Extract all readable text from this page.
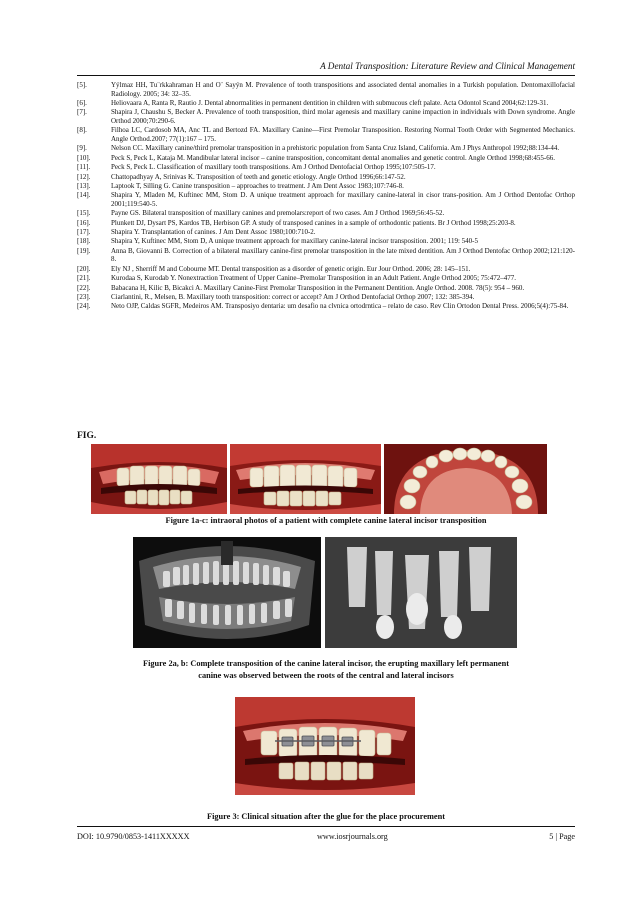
A Dental Transposition: Literature Review and Clinical Management
[5].	Yýlmaz HH, Tu¨rkkahraman H and O¨ Sayýn M. Prevalence of tooth transpositions and associated dental anomalies in a Turkish population. Dentomaxillofacial Radiology. 2005; 34: 32–35.
[6].	Heliovaara A, Ranta R, Rautio J. Dental abnormalities in permanent dentition in children with submucous cleft palate. Acta Odontol Scand 2004;62:129-31.
[7].	Shapira J, Chaushu S, Becker A. Prevalence of tooth transposition, third molar agenesis and maxillary canine impaction in individuals with Down syndrome. Angle Orthod 2000;70:290-6.
[8].	Filhoa LC, Cardosob MA, Anc TL and Bertozd FA. Maxillary Canine—First Premolar Transposition. Restoring Normal Tooth Order with Segmented Mechanics. Angle Orthod.2007; 77(1):167 – 175.
[9].	Nelson CC. Maxillary canine/third premolar transposition in a prehistoric population from Santa Cruz Island, California. Am J Phys Anthropol 1992;88:134-44.
[10].	Peck S, Peck L, Kataja M. Mandibular lateral incisor – canine transposition, concomitant dental anomalies and genetic control. Angle Orthod 1998;68:455-66.
[11].	Peck S, Peck L. Classification of maxillary tooth transpositions. Am J Orthod Dentofacial Orthop 1995;107:505-17.
[12].	Chattopadhyay A, Srinivas K. Transposition of teeth and genetic etiology. Angle Orthod 1996;66:147-52.
[13].	Laptook T, Silling G. Canine transposition – approaches to treatment. J Am Dent Assoc 1983;107:746-8.
[14].	Shapira Y, Mladen M, Kuftinec MM, Stom D. A unique treatment approach for maxillary canine-lateral in cisor trans-position. Am J Orthod Dentofac Orthop 2001;119:540-5.
[15].	Payne GS. Bilateral transposition of maxillary canines and premolars:report of two cases. Am J Orthod 1969;56:45-52.
[16].	Plunkett DJ, Dysart PS, Kardos TB, Herbison GP. A study of transposed canines in a sample of orthodontic patients. Br J Orthod 1998;25:203-8.
[17].	Shapira Y. Transplantation of canines. J Am Dent Assoc 1980;100:710-2.
[18].	Shapira Y, Kuftinec MM, Stom D, A unique treatment approach for maxillary canine-lateral incisor transposition. 2001; 119: 540-5
[19].	Anna B, Giovanni B. Correction of a bilateral maxillary canine-first premolar transposition in the late mixed dentition. Am J Orthod Dentofac Orthop 2002;121:120-8.
[20].	Ely NJ , Sherriff M and Cobourne MT. Dental transposition as a disorder of genetic origin. Eur Jour Orthod. 2006; 28: 145–151.
[21].	Kurodaa S, Kurodab Y. Nonextraction Treatment of Upper Canine–Premolar Transposition in an Adult Patient. Angle Orthod 2005; 75:472–477.
[22].	Babacana H, Kilic B, Bicakci A. Maxillary Canine-First Premolar Transposition in the Permanent Dentition. Angle Orthod. 2008. 78(5): 954 – 960.
[23].	Ciarlantini, R., Melsen, B. Maxillary tooth transposition: correct or accept? Am J Orthod Dentofacial Orthop 2007; 132: 385-394.
[24].	Neto OJP, Caldas SGFR, Medeiros AM. Transposiyo dentaria: um desafio na clvnica ortodrntica – relato de caso. Rev Clin Ortodon Dental Press. 2006;5(4):75-84.
FIG.
Figure 1a-c: intraoral photos of a patient with complete canine lateral incisor transposition
Figure 2a, b: Complete transposition of the canine lateral incisor, the erupting maxillary left permanent
canine was observed between the roots of the central and lateral incisors
Figure 3: Clinical situation after the glue for the place procurement
DOI: 10.9790/0853-1411XXXXX	www.iosrjournals.org	5 | Page
